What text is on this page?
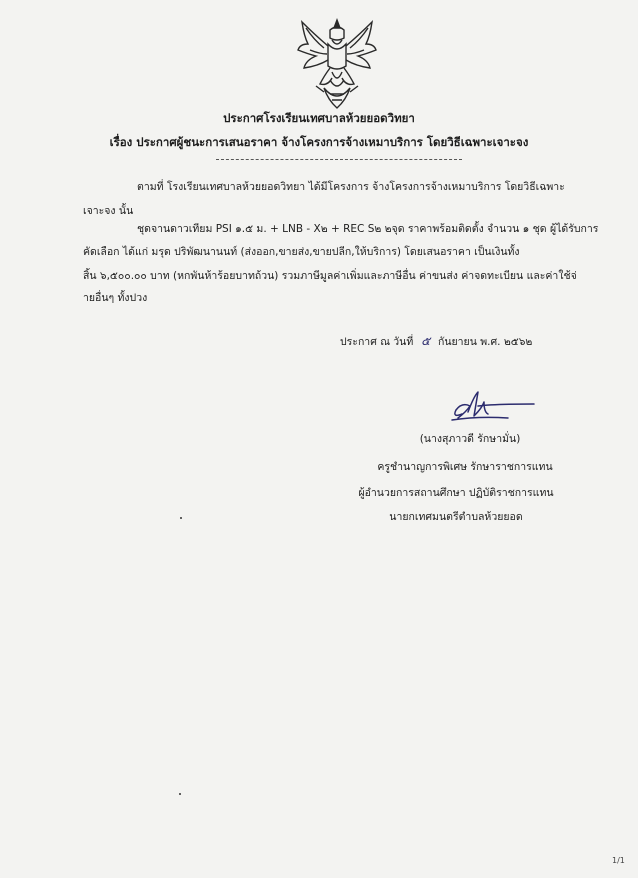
ประกาศโรงเรียนเทศบาลห้วยยอดวิทยา
เรื่อง ประกาศผู้ชนะการเสนอราคา จ้างโครงการจ้างเหมาบริการ โดยวิธีเฉพาะเจาะจง
ตามที่ โรงเรียนเทศบาลห้วยยอดวิทยา ได้มีโครงการ จ้างโครงการจ้างเหมาบริการ โดยวิธีเฉพาะ
เจาะจง นั้น
ชุดจานดาวเทียม PSI ๑.๕ ม. + LNB - X๒ + REC S๒ ๒จุด ราคาพร้อมติดตั้ง จำนวน ๑ ชุด ผู้ได้รับการ
คัดเลือก ได้แก่ มรุด ปริพัฒนานนท์ (ส่งออก,ขายส่ง,ขายปลีก,ให้บริการ) โดยเสนอราคา เป็นเงินทั้ง
สิ้น ๖,๕๐๐.๐๐ บาท (หกพันห้าร้อยบาทถ้วน) รวมภาษีมูลค่าเพิ่มและภาษีอื่น ค่าขนส่ง ค่าจดทะเบียน และค่าใช้จ่
ายอื่นๆ ทั้งปวง
ประกาศ ณ วันที่ ๕ กันยายน พ.ศ. ๒๕๖๒
(นางสุภาวดี รักษามั่น)
ครูชำนาญการพิเศษ รักษาราชการแทน
ผู้อำนวยการสถานศึกษา ปฏิบัติราชการแทน
นายกเทศมนตรีตำบลห้วยยอด
1/1
